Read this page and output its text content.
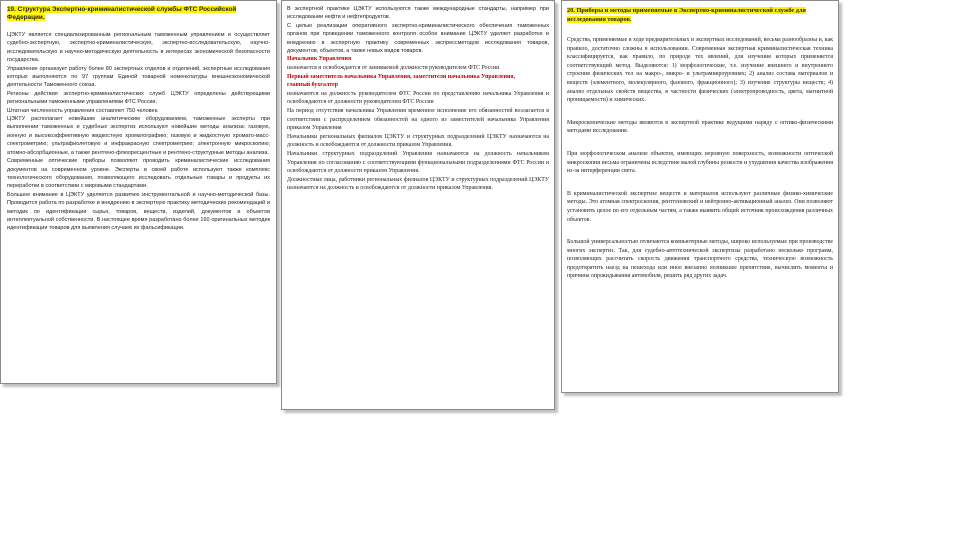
19. Структура Экспертно-криминалистической службы ФТС Российской Федерации.

ЦЭКТУ является специализированным региональным таможенным управлением и осуществляет судебно-экспертную, экспертно-криминалистическую, экспертно-исследовательскую, научно-исследовательскую и научно-методическую деятельность в интересах экономической безопасности государства.

Управление организует работу более 80 экспертных отделов и отделений, экспертные исследования которых выполняются по 97 группам Единой товарной номенклатуры внешнеэкономической деятельности Таможенного союза.

Регионы действия экспертно-криминалистических служб ЦЭКТУ определены действующими региональными таможенными управлениями ФТС России.

Штатная численность управления составляет 750 человек.

ЦЭКТУ располагает новейшим аналитическим оборудованием, таможенные эксперты при выполнении таможенных и судебных экспертиз используют новейшие методы анализа: газовую, ионную и высокоэффективную жидкостную хроматографию; газовую и жидкостную хромато-масс-спектрометрию; ультрафиолетовую и инфракрасную спектрометрию; электронную микроскопию; атомно-абсорбционные, а также рентгено-флюоресцентные и рентгено-структурные методы анализа.

Современные оптические приборы позволяют проводить криминалистические исследования документов на современном уровне. Эксперты в своей работе используют также комплекс технологического оборудования, позволяющего исследовать отдельные товары и продукты их переработки в соответствии с мировыми стандартами.

Большое внимание в ЦЭКТУ уделяется развитию инструментальной и научно-методической базы. Проводится работа по разработке и внедрению в экспертную практику методических рекомендаций и методик по идентификации сырья, товаров, веществ, изделий, документов и объектов интеллектуальной собственности. В настоящее время разработано более 160 оригинальных методик идентификации товаров для выявления случаев их фальсификации.

В экспертной практике ЦЭКТУ используются также международные стандарты, например при исследовании нефти и нефтепродуктов.

С целью реализации оперативного экспертно-криминалистического обеспечения таможенных органов при проведении таможенного контроля особое внимание ЦЭКТУ уделяет разработке и внедрению в экспертную практику современных экспрессметодов исследования товаров, документов, объектов, а также новых видов товаров.

Начальник Управления

назначается и освобождается от занимаемой должности руководителем ФТС России

Первый заместитель начальника Управления, заместители начальника Управления,

главный бухгалтер

назначаются на должность руководителем ФТС России по представлению начальника Управления и освобождаются от должности руководителем ФТС России

На период отсутствия начальника Управления временное исполнение его обязанностей возлагается в соответствии с распределением обязанностей на одного из заместителей начальника Управления приказом Управления

Начальники региональных филиалов ЦЭКТУ и структурных подразделений ЦЭКТУ назначаются на должность и освобождаются от должности приказом Управления.

Начальники структурных подразделений Управления назначаются на должность начальником Управления по согласованию с соответствующими функциональными подразделениями ФТС России и освобождаются от должности приказом Управления.

Должностные лица, работники региональных филиалов ЦЭКТУ и структурных подразделений ЦЭКТУ назначаются на должность и освобождаются от должности приказом Управления.

20. Приборы и методы применяемые в Экспертно-криминалистической службе для исследования товаров.

Средства, применяемые в ходе предварительных и экспертных исследований, весьма разнообразны и, как правило, достаточно сложны в использовании. Современная экспертная криминалистическая техника классифицируется, как правило, по природе тех явлений, для изучения которых применяется соответствующий метод. Выделяются: 1) морфологические, т.е. изучение внешнего и внутреннего строения физических тел на макро-, микро- и ультрамикроуровнях; 2) анализ состава материалов и веществ (элементного, молекулярного, фазового, фракционного); 3) изучение структуры веществ; 4) анализ отдельных свойств вещества, в частности физических (электропроводность, цвета, магнитной проницаемости) и химических.

Микроскопические методы являются в экспертной практике ведущими наряду с оптико-физическими методами исследования.

При морфологическом анализе объектов, имеющих неровную поверхность, возможности оптической микроскопии весьма ограничены вследствие малой глубины резкости и ухудшения качества изображения из-за интерференции света.

В криминалистической экспертизе веществ и материалов используют различные физико-химические методы. Это атомная спектроскопия, рентгеновский и нейтронно-активационный анализ. Они позволяют установить целое по его отдельным частям, а также выявить общий источник происхождения различных объектов.

Большой универсальностью отличаются компьютерные методы, широко используемые при производстве многих экспертиз. Так, для судебно-автотехнической экспертизы разработано несколько программ, позволяющих рассчитать скорость движения транспортного средства, техническую возможность предотвратить наезд на пешехода или иное внезапно возникшее препятствие, вычислить моменты и причины опрокидывания автомобиля, решить ряд других задач.
